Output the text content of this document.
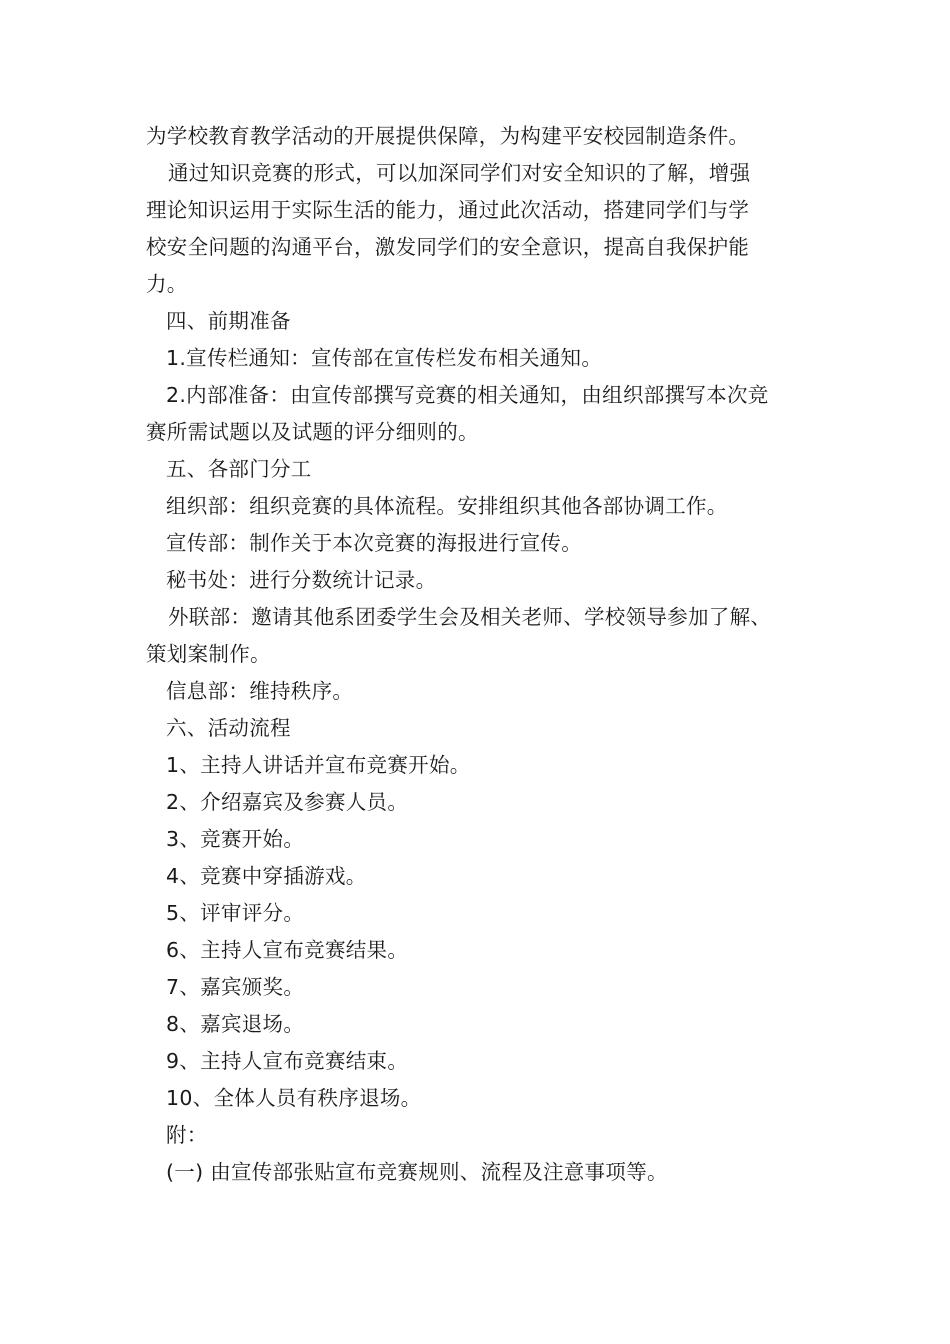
为学校教育教学活动的开展提供保障，为构建平安校园制造条件。
通过知识竞赛的形式，可以加深同学们对安全知识的了解，增强
理论知识运用于实际生活的能力，通过此次活动，搭建同学们与学
校安全问题的沟通平台，激发同学们的安全意识，提高自我保护能
力。
四、前期准备
1.宣传栏通知：宣传部在宣传栏发布相关通知。
2.内部准备：由宣传部撰写竞赛的相关通知，由组织部撰写本次竞
赛所需试题以及试题的评分细则的。
五、各部门分工
组织部：组织竞赛的具体流程。安排组织其他各部协调工作。
宣传部：制作关于本次竞赛的海报进行宣传。
秘书处：进行分数统计记录。
外联部：邀请其他系团委学生会及相关老师、学校领导参加了解、
策划案制作。
信息部：维持秩序。
六、活动流程
1、主持人讲话并宣布竞赛开始。
2、介绍嘉宾及参赛人员。
3、竞赛开始。
4、竞赛中穿插游戏。
5、评审评分。
6、主持人宣布竞赛结果。
7、嘉宾颁奖。
8、嘉宾退场。
9、主持人宣布竞赛结束。
10、全体人员有秩序退场。
附：
(一) 由宣传部张贴宣布竞赛规则、流程及注意事项等。
